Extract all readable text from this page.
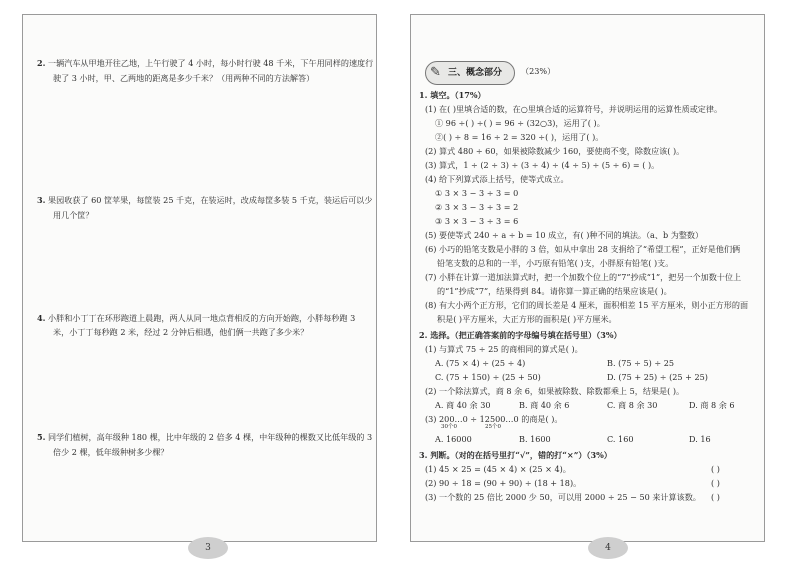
2. 一辆汽车从甲地开往乙地，上午行驶了 4 小时，每小时行驶 48 千米，下午用同样的速度行
驶了 3 小时，甲、乙两地的距离是多少千米？（用两种不同的方法解答）
3. 果园收获了 60 筐苹果，每筐装 25 千克，在装运时，改成每筐多装 5 千克，装运后可以少
用几个筐？
4. 小胖和小丁丁在环形跑道上晨跑，两人从同一地点背相反的方向开始跑，小胖每秒跑 3
米，小丁丁每秒跑 2 米，经过 2 分钟后相遇，他们俩一共跑了多少米？
5. 同学们植树，高年级种 180 棵，比中年级的 2 倍多 4 棵，中年级种的棵数又比低年级的 3
倍少 2 棵，低年级种树多少棵？
3
✎ 三、概念部分 （23%）
1. 填空。（17%）
(1) 在( )里填合适的数，在○里填合适的运算符号，并说明运用的运算性质或定律。
① 96 ÷( ) ÷( ) = 96 ÷ (32○3)，运用了( )。
②( ) ÷ 8 = 16 ÷ 2 = 320 ÷( )，运用了( )。
(2) 算式 480 ÷ 60，如果被除数减少 160，要使商不变，除数应该( )。
(3) 算式，1 ÷ (2 ÷ 3) ÷ (3 ÷ 4) ÷ (4 ÷ 5) ÷ (5 ÷ 6) = ( )。
(4) 给下列算式添上括号，使等式成立。
① 3 × 3 − 3 ÷ 3 = 0
② 3 × 3 − 3 ÷ 3 = 2
③ 3 × 3 − 3 ÷ 3 = 6
(5) 要使等式 240 ÷ a ÷ b = 10 成立，有( )种不同的填法。（a、b 为整数）
(6) 小巧的铅笔支数是小胖的 3 倍，如从中拿出 28 支捐给了“希望工程”，正好是他们俩
铅笔支数的总和的一半，小巧原有铅笔( )支，小胖原有铅笔( )支。
(7) 小胖在计算一道加法算式时，把一个加数个位上的“7”抄成“1”，把另一个加数十位上
的“1”抄成“7”，结果得到 84。请你算一算正确的结果应该是( )。
(8) 有大小两个正方形，它们的周长差是 4 厘米，面积相差 15 平方厘米，则小正方形的面
积是( )平方厘米，大正方形的面积是( )平方厘米。
2. 选择。（把正确答案前的字母编号填在括号里）（3%）
(1) 与算式 75 ÷ 25 的商相同的算式是( )。
A. (75 × 4) ÷ (25 ÷ 4)	B. (75 ÷ 5) ÷ 25
C. (75 + 150) ÷ (25 + 50)	D. (75 + 25) ÷ (25 + 25)
(2) 一个除法算式，商 8 余 6，如果被除数、除数都乘上 5，结果是( )。
A. 商 40 余 30	B. 商 40 余 6	C. 商 8 余 30	D. 商 8 余 6
(3) 200…0 ÷ 12500…0 的商是( )。
30个0	25个0
A. 16000	B. 1600	C. 160	D. 16
3. 判断。（对的在括号里打“√”，错的打“×”）（3%）
(1) 45 × 25 = (45 × 4) × (25 × 4)。	( )
(2) 90 ÷ 18 = (90 + 90) ÷ (18 + 18)。	( )
(3) 一个数的 25 倍比 2000 少 50，可以用 2000 ÷ 25 − 50 来计算该数。 ( )
4
